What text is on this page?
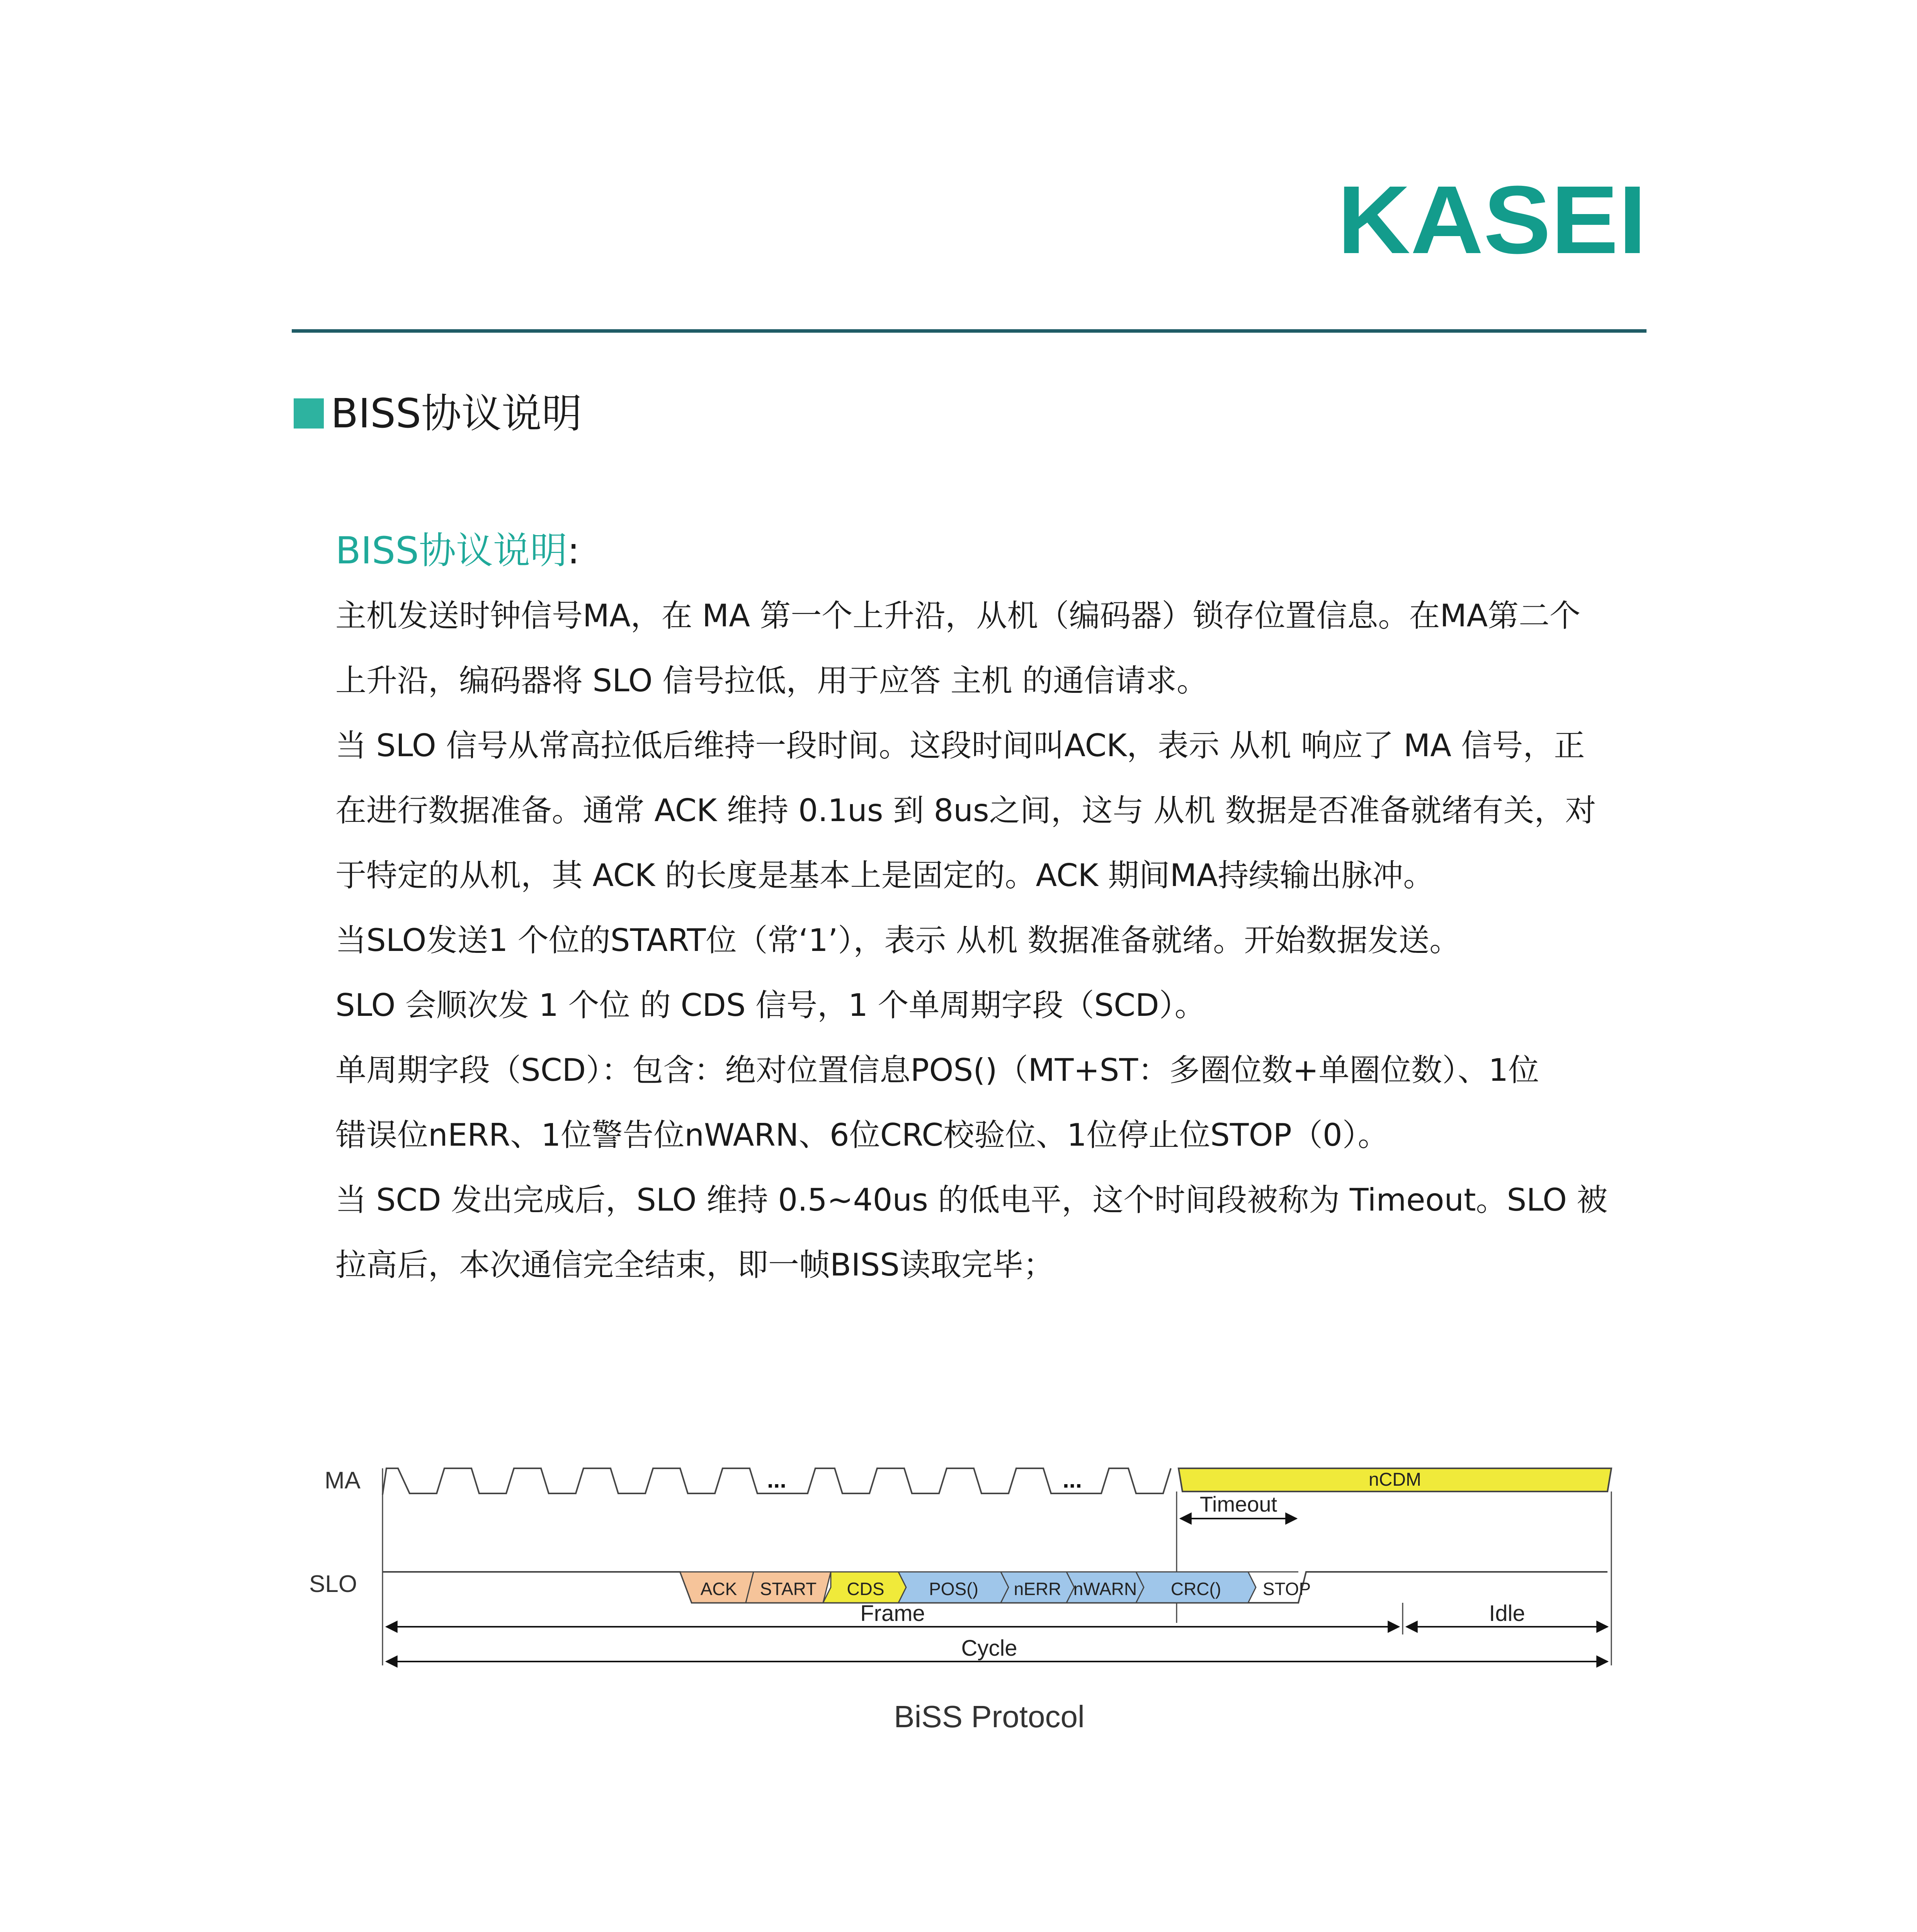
KASEI
BISS协议说明
BISS协议说明:
主机发送时钟信号MA，在 MA 第一个上升沿，从机（编码器）锁存位置信息。在MA第二个
上升沿，编码器将 SLO 信号拉低，用于应答 主机 的通信请求。
当 SLO 信号从常高拉低后维持一段时间。这段时间叫ACK，表示 从机 响应了 MA 信号，正
在进行数据准备。通常 ACK 维持 0.1us 到 8us之间，这与 从机 数据是否准备就绪有关，对
于特定的从机，其 ACK 的长度是基本上是固定的。ACK 期间MA持续输出脉冲。
当SLO发送1 个位的START位（常‘1’），表示 从机 数据准备就绪。开始数据发送。
SLO 会顺次发 1 个位 的 CDS 信号，1 个单周期字段（SCD）。
单周期字段（SCD）：包含：绝对位置信息POS()（MT+ST：多圈位数+单圈位数）、1位
错误位nERR、1位警告位nWARN、6位CRC校验位、1位停止位STOP（0）。
当 SCD 发出完成后，SLO 维持 0.5~40us 的低电平，这个时间段被称为 Timeout。SLO 被
拉高后，本次通信完全结束，即一帧BISS读取完毕；
MA
SLO
...	...	nCDM
Timeout
ACK START CDS	POS() nERR nWARN CRC() STOP
Frame	Idle
Cycle
BiSS Protocol
